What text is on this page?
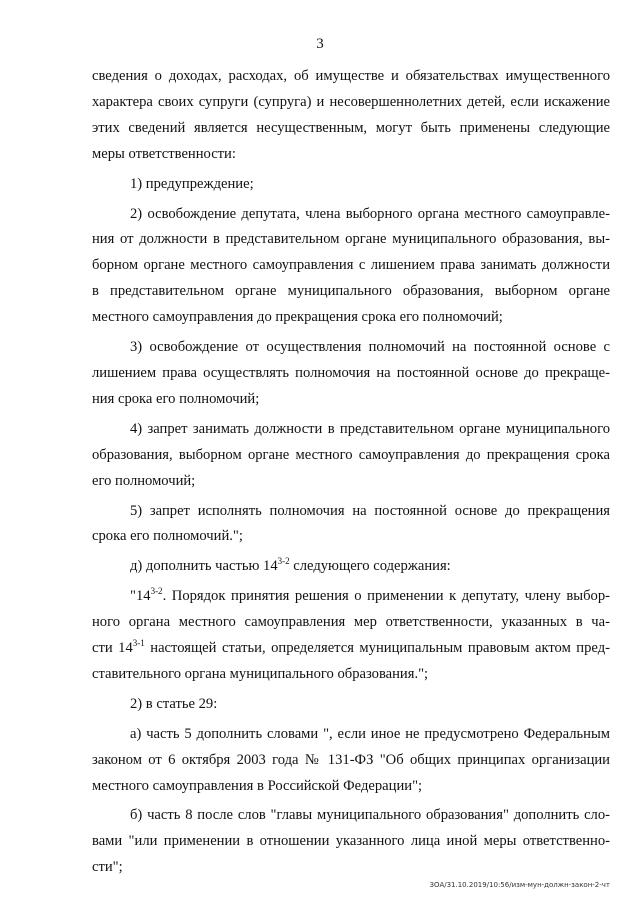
3

сведения о доходах, расходах, об имуществе и обязательствах имущественного
характера своих супруги (супруга) и несовершеннолетних детей, если искажение
этих сведений является несущественным, могут быть применены следующие
меры ответственности:

1) предупреждение;

2) освобождение депутата, члена выборного органа местного самоуправле-
ния от должности в представительном органе муниципального образования, вы-
борном органе местного самоуправления с лишением права занимать должности
в представительном органе муниципального образования, выборном органе
местного самоуправления до прекращения срока его полномочий;

3) освобождение от осуществления полномочий на постоянной основе с
лишением права осуществлять полномочия на постоянной основе до прекраще-
ния срока его полномочий;

4) запрет занимать должности в представительном органе муниципального
образования, выборном органе местного самоуправления до прекращения срока
его полномочий;

5) запрет исполнять полномочия на постоянной основе до прекращения
срока его полномочий.";

д) дополнить частью 14$^{3-2}$ следующего содержания:

"14$^{3-2}$. Порядок принятия решения о применении к депутату, члену выбор-
ного органа местного самоуправления мер ответственности, указанных в ча-
сти 14$^{3-1}$ настоящей статьи, определяется муниципальным правовым актом пред-
ставительного органа муниципального образования.";

2) в статье 29:

а) часть 5 дополнить словами ", если иное не предусмотрено Федеральным
законом от 6 октября 2003 года № 131-ФЗ "Об общих принципах организации
местного самоуправления в Российской Федерации";

б) часть 8 после слов "главы муниципального образования" дополнить сло-
вами "или применении в отношении указанного лица иной меры ответственно-
сти";

ЗОА/31.10.2019/10:56/изм-мун-должн-закон-2-чт
